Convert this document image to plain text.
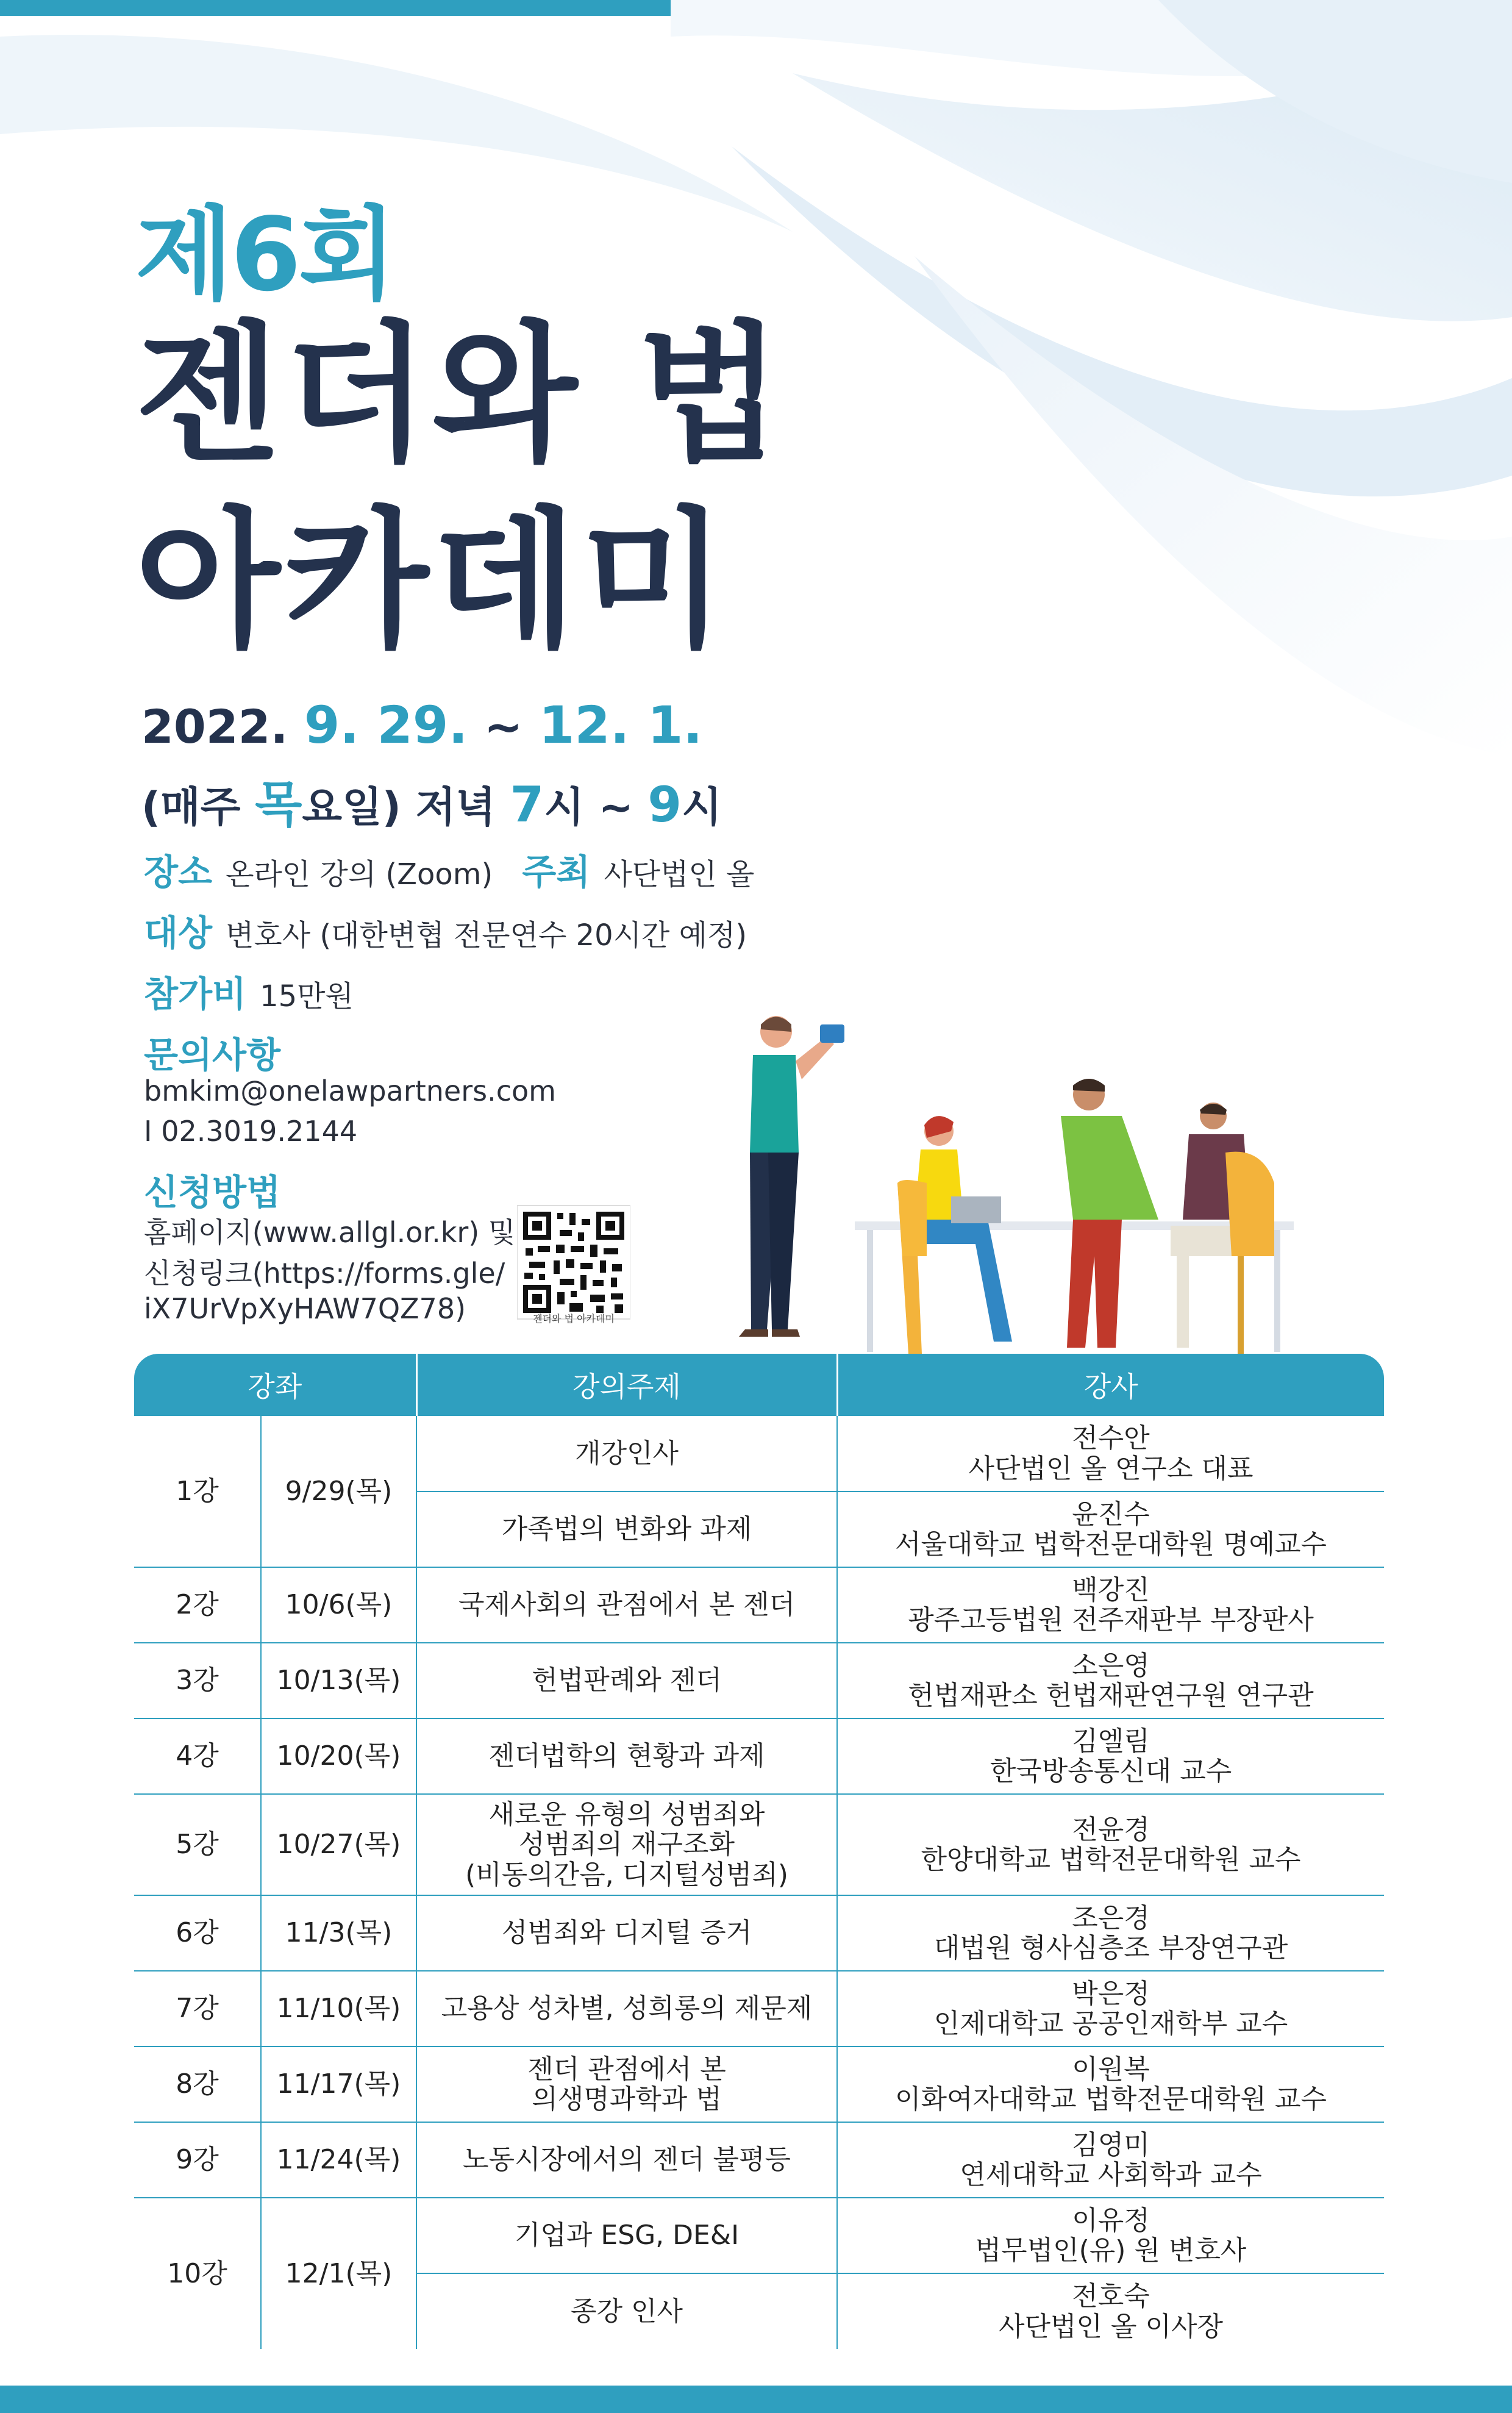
제6회
젠더와 법
아카데미
2022. 9. 29. ~ 12. 1.
(매주 목요일) 저녁 7시 ~ 9시
장소 온라인 강의 (Zoom) 주최 사단법인 올
대상 변호사 (대한변협 전문연수 20시간 예정)
참가비 15만원
문의사항
bmkim@onelawpartners.com
I 02.3019.2144
신청방법
홈페이지(www.allgl.or.kr) 및
신청링크(https://forms.gle/
iX7UrVpXyHAW7QZ78)	젠더와 법 아카데미
강좌		강의주제	강사
1강	9/29(목)	개강인사	전수안
사단법인 올 연구소 대표

		가족법의 변화와 과제	윤진수
서울대학교 법학전문대학원 명예교수

2강	10/6(목)	국제사회의 관점에서 본 젠더	백강진
광주고등법원 전주재판부 부장판사

3강	10/13(목)	헌법판례와 젠더	소은영
헌법재판소 헌법재판연구원 연구관

4강	10/20(목)	젠더법학의 현황과 과제	김엘림
한국방송통신대 교수

5강	10/27(목)	새로운 유형의 성범죄와
성범죄의 재구조화
(비동의간음, 디지털성범죄)	전윤경
한양대학교 법학전문대학원 교수

6강	11/3(목)	성범죄와 디지털 증거	조은경
대법원 형사심층조 부장연구관

7강	11/10(목)	고용상 성차별, 성희롱의 제문제	박은정
인제대학교 공공인재학부 교수

8강	11/17(목)	젠더 관점에서 본
의생명과학과 법	이원복
이화여자대학교 법학전문대학원 교수

9강	11/24(목)	노동시장에서의 젠더 불평등	김영미
연세대학교 사회학과 교수

10강	12/1(목)	기업과 ESG, DE&I	이유정
법무법인(유) 원 변호사

		종강 인사	전호숙
사단법인 올 이사장
